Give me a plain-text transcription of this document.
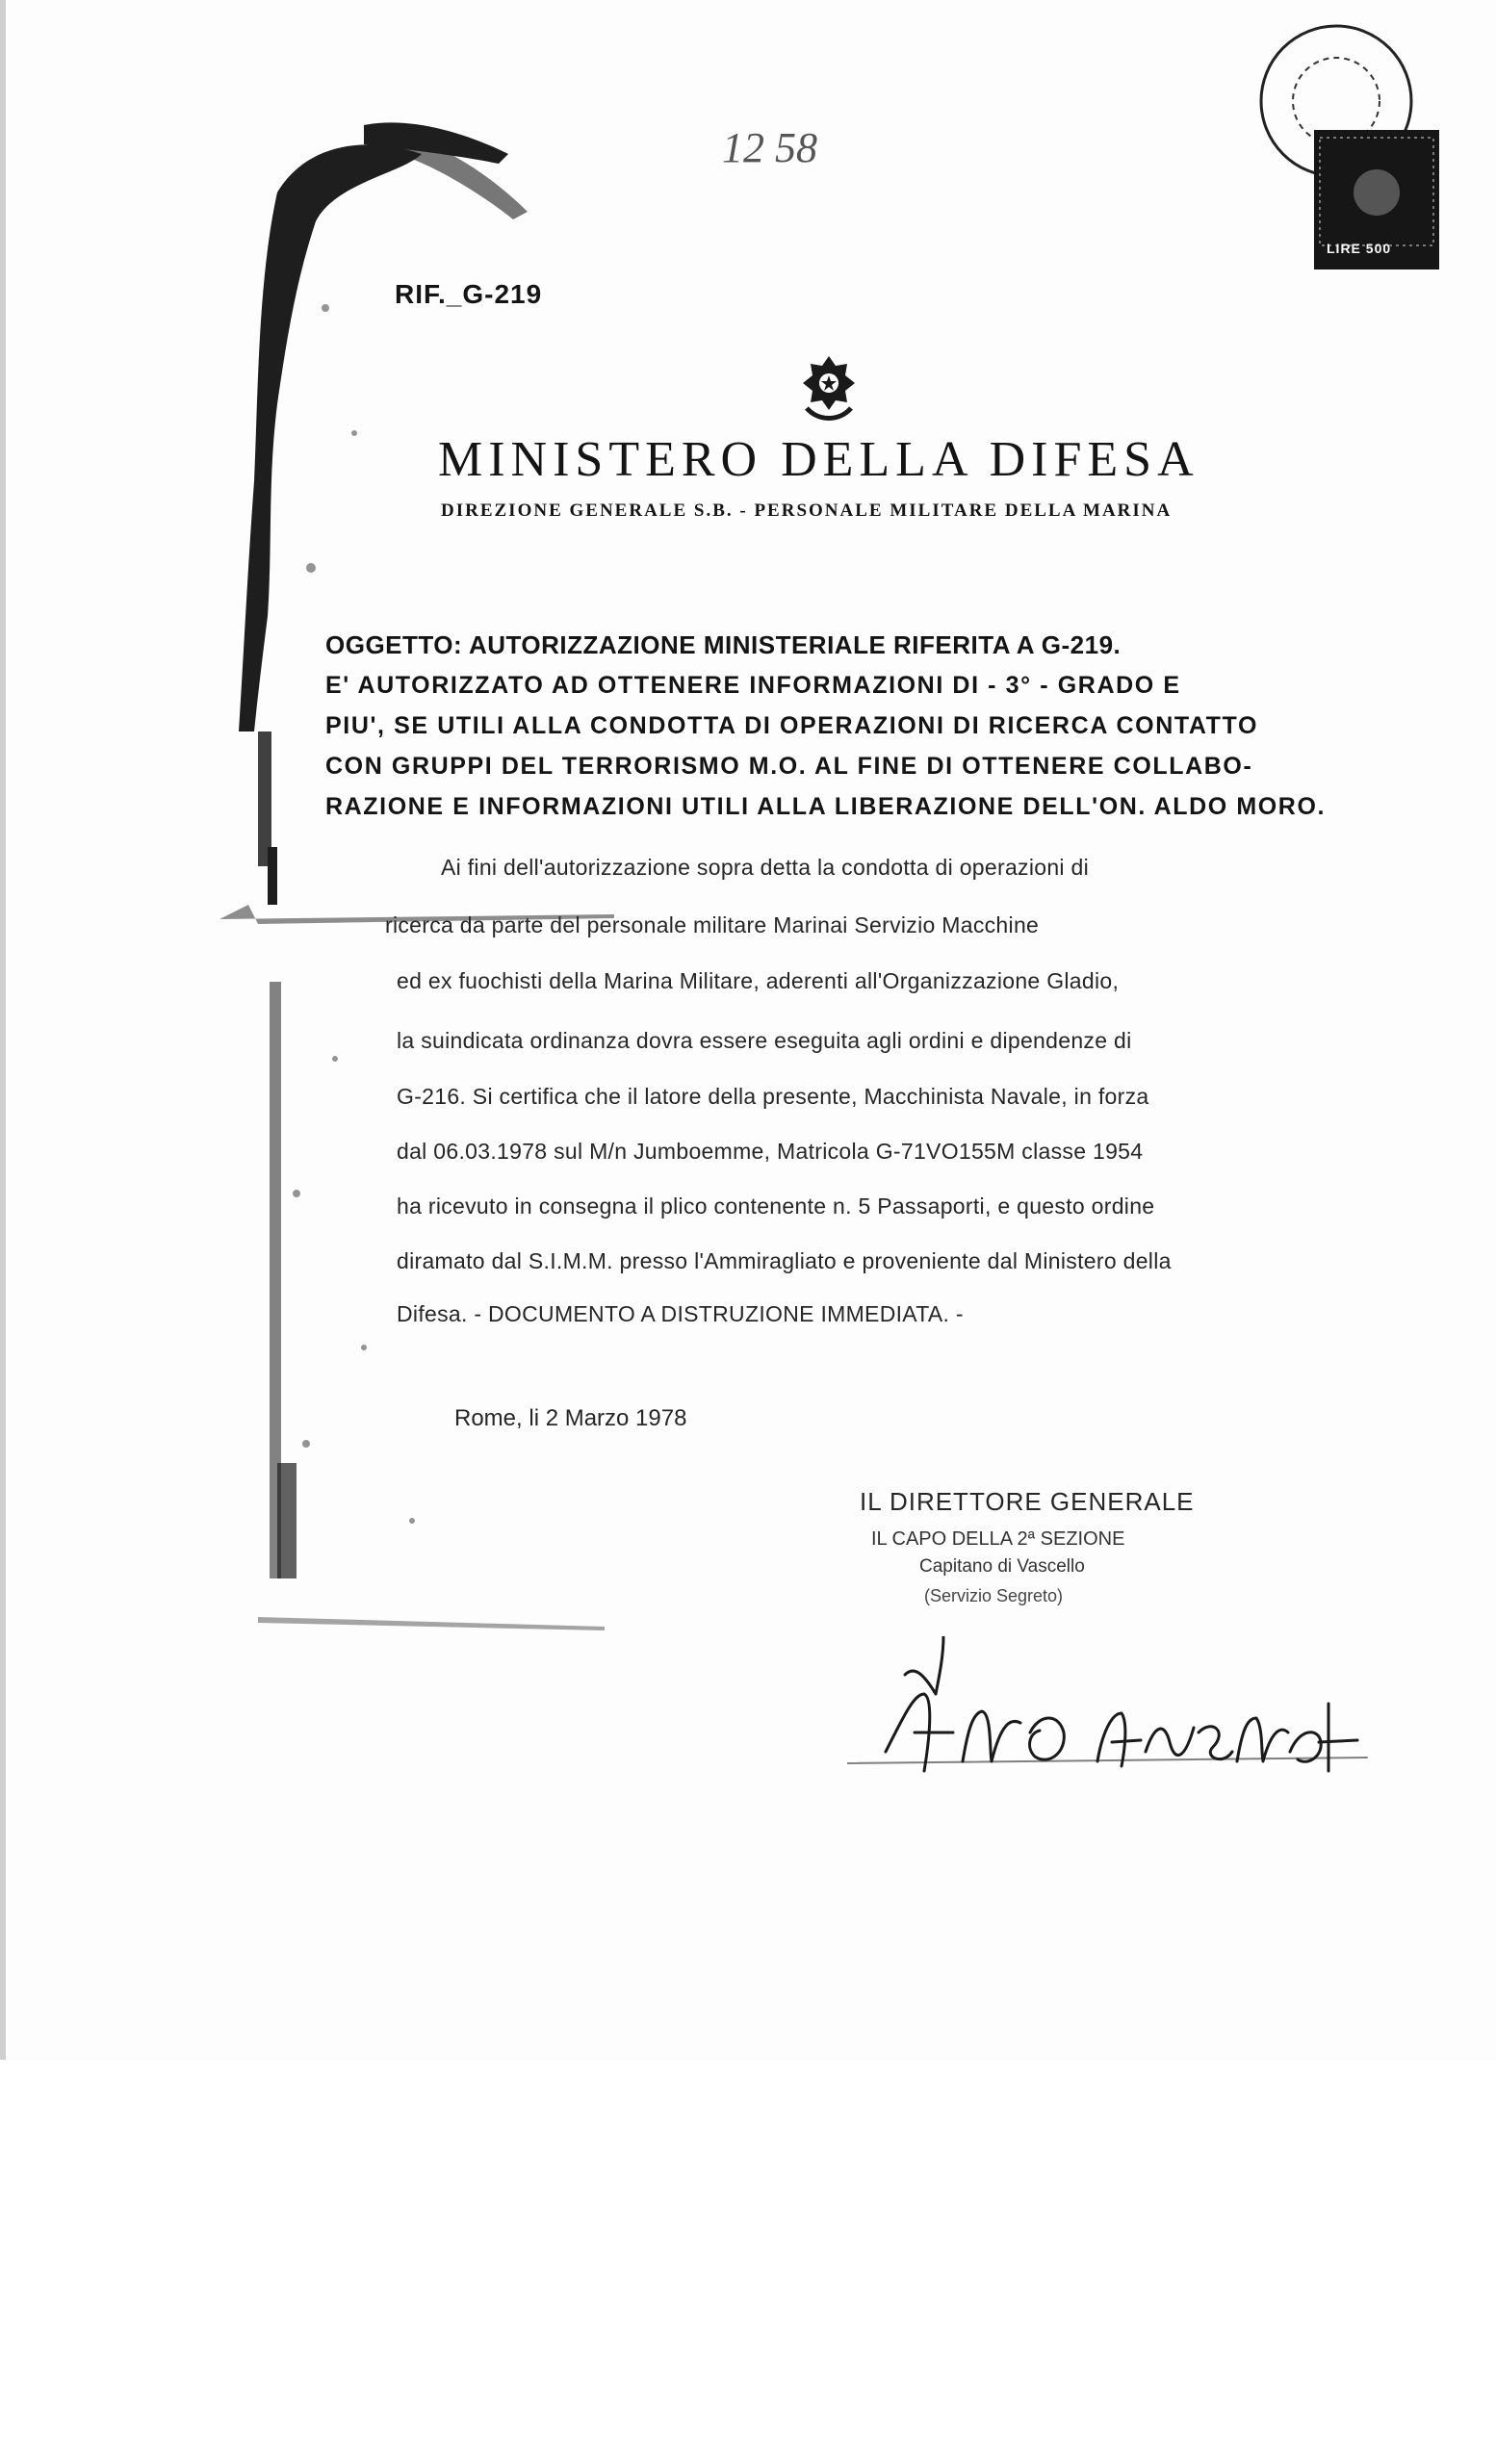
LIRE 500
12 58
RIF._G-219
MINISTERO DELLA DIFESA
DIREZIONE GENERALE S.B. - PERSONALE MILITARE DELLA MARINA
OGGETTO: AUTORIZZAZIONE MINISTERIALE RIFERITA A G-219.
E' AUTORIZZATO AD OTTENERE INFORMAZIONI DI - 3° - GRADO E
PIU', SE UTILI ALLA CONDOTTA DI OPERAZIONI DI RICERCA CONTATTO
CON GRUPPI DEL TERRORISMO M.O. AL FINE DI OTTENERE COLLABO-
RAZIONE E INFORMAZIONI UTILI ALLA LIBERAZIONE DELL'ON. ALDO MORO.
Ai fini dell'autorizzazione sopra detta la condotta di operazioni di
ricerca da parte del personale militare Marinai Servizio Macchine
ed ex fuochisti della Marina Militare, aderenti all'Organizzazione Gladio,
la suindicata ordinanza dovra essere eseguita agli ordini e dipendenze di
G-216. Si certifica che il latore della presente, Macchinista Navale, in forza
dal 06.03.1978 sul M/n Jumboemme, Matricola G-71VO155M classe 1954
ha ricevuto in consegna il plico contenente n. 5 Passaporti, e questo ordine
diramato dal S.I.M.M. presso l'Ammiragliato e proveniente dal Ministero della
Difesa. - DOCUMENTO A DISTRUZIONE IMMEDIATA. -
Rome, li 2 Marzo 1978
IL DIRETTORE GENERALE
IL CAPO DELLA 2ª SEZIONE
Capitano di Vascello
(Servizio Segreto)
